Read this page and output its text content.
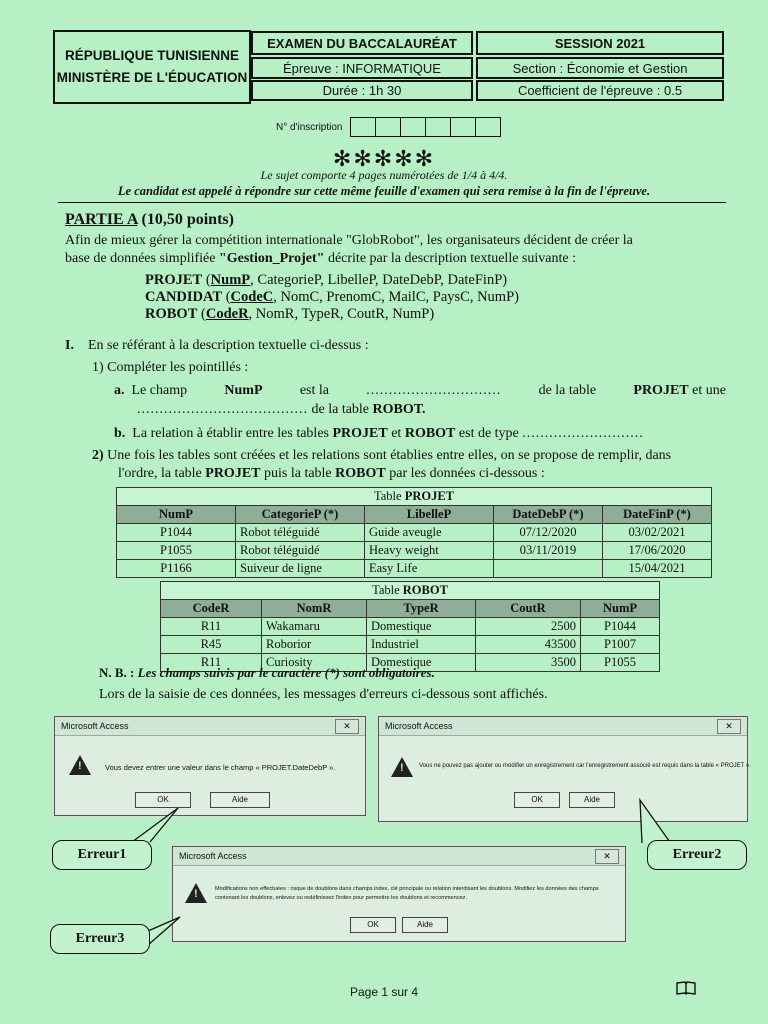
RÉPUBLIQUE TUNISIENNE
MINISTÈRE DE L'ÉDUCATION
EXAMEN DU BACCALAURÉAT	SESSION 2021
Épreuve : INFORMATIQUE	Section : Économie et Gestion
Durée : 1h 30	Coefficient de l'épreuve : 0.5
N° d'inscription
✻✻✻✻✻
Le sujet comporte 4 pages numérotées de 1/4 à 4/4.
Le candidat est appelé à répondre sur cette même feuille d'examen qui sera remise à la fin de l'épreuve.
PARTIE A (10,50 points)
Afin de mieux gérer la compétition internationale "GlobRobot", les organisateurs décident de créer la
base de données simplifiée "Gestion_Projet" décrite par la description textuelle suivante :
PROJET (NumP, CategorieP, LibelleP, DateDebP, DateFinP)
CANDIDAT (CodeC, NomC, PrenomC, MailC, PaysC, NumP)
ROBOT (CodeR, NomR, TypeR, CoutR, NumP)
I. En se référant à la description textuelle ci-dessus :
1) Compléter les pointillés :
a. Le champ	NumP	est la	..............................	de la table	PROJET et une
...................................... de la table ROBOT.
b. La relation à établir entre les tables PROJET et ROBOT est de type ...........................
2) Une fois les tables sont créées et les relations sont établies entre elles, on se propose de remplir, dans
l'ordre, la table PROJET puis la table ROBOT par les données ci-dessous :
Table PROJET				
NumP	CategorieP (*)	LibelleP	DateDebP (*)	DateFinP (*)
P1044	Robot téléguidé	Guide aveugle	07/12/2020	03/02/2021
P1055	Robot téléguidé	Heavy weight	03/11/2019	17/06/2020
P1166	Suiveur de ligne	Easy Life		15/04/2021
Table ROBOT				
CodeR	NomR	TypeR	CoutR	NumP
R11	Wakamaru	Domestique	2500	P1044
R45	Roborior	Industriel	43500	P1007
R11	Curiosity	Domestique	3500	P1055
N. B. : Les champs suivis par le caractère (*) sont obligatoires.
Lors de la saisie de ces données, les messages d'erreurs ci-dessous sont affichés.
Microsoft Access	✕
!	Vous devez entrer une valeur dans le champ « PROJET.DateDebP ».
OK	Aide
Microsoft Access	✕
!	Vous ne pouvez pas ajouter ou modifier un enregistrement car l'enregistrement associé est requis dans la table « PROJET ».
OK	Aide
Microsoft Access	✕
!	Modifications non effectuées : risque de doublons dans champs index, clé principale ou relation interdisant les doublons. Modifiez les données des champs
contenant les doublons, enlevez ou redéfinissez l'index pour permettre les doublons et recommencez.
OK	Aide
Erreur1	Erreur2
Erreur3
Page 1 sur 4
